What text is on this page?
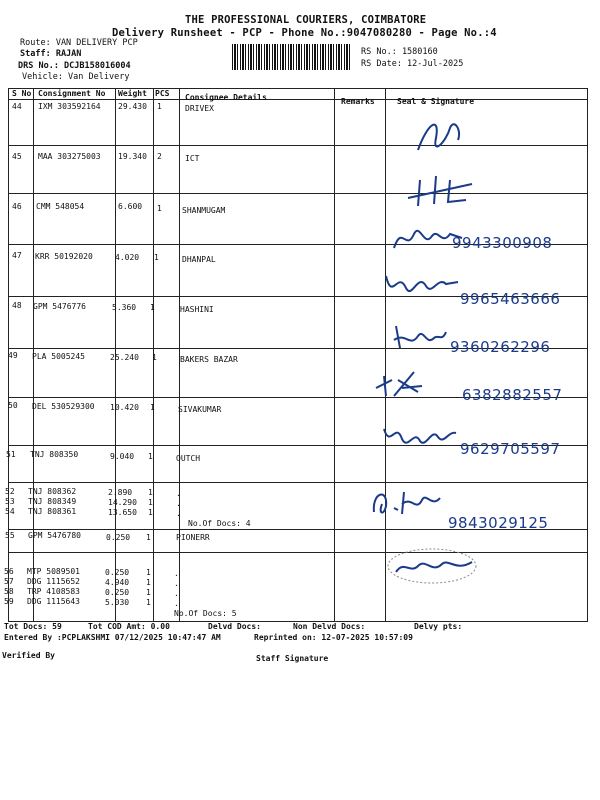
THE PROFESSIONAL COURIERS, COIMBATORE
Delivery Runsheet - PCP - Phone No.:9047080280 - Page No.:4
Route: VAN DELIVERY PCP
Staff: RAJAN
DRS No.: DCJB158016004
Vehicle: Van Delivery
RS No.: 1580160
RS Date: 12-Jul-2025
S No Consignment No Weight PCS Consignee Details	Remarks	Seal & Signature
44 IXM 303592164 29.430 1	DRIVEX
45 MAA 303275003 19.340 2	ICT
46 CMM 548054	6.600 1	SHANMUGAM
47 KRR 50192020	4.020 1	DHANPAL
48 GPM 5476776	5.360 1	HASHINI
49 PLA 5005245	25.240 1	BAKERS BAZAR
50 DEL 530529300 10.420 1	SIVAKUMAR
51 TNJ 808350	9.040 1	OUTCH
52 TNJ 808362	2.890 1	.
53 TNJ 808349	14.290 1	.
54 TNJ 808361	13.650 1	.
No.Of Docs: 4
55 GPM 5476780	0.250 1	PIONERR
56 MTP 5089501	0.250 1	.
57 DDG 1115652	4.940 1	.
58 TRP 4108583	0.250 1	.
59 DDG 1115643	5.030 1	.
No.Of Docs: 5
9943300908
9965463666
9360262296
6382882557
9629705597
9843029125
Tot Docs: 59	Tot COD Amt: 0.00	Delvd Docs:	Non Delvd Docs:	Delvy pts:
Entered By :PCPLAKSHMI 07/12/2025 10:47:47 AM	Reprinted on: 12-07-2025 10:57:09
Verified By	Staff Signature
